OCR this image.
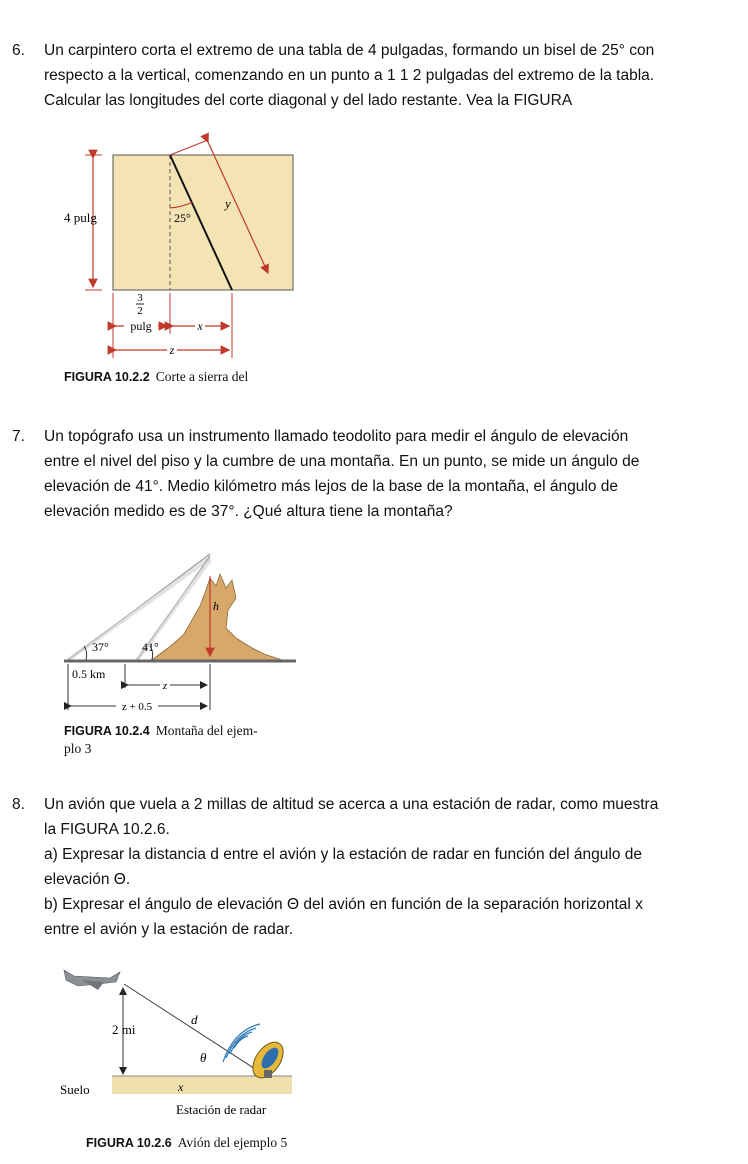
6. Un carpintero corta el extremo de una tabla de 4 pulgadas, formando un bisel de 25° con
respecto a la vertical, comenzando en un punto a 1 1 2 pulgadas del extremo de la tabla.
Calcular las longitudes del corte diagonal y del lado restante. Vea la FIGURA
4 pulg	25°
y
3
2
pulg	x
z
FIGURA 10.2.2 Corte a sierra del
7. Un topógrafo usa un instrumento llamado teodolito para medir el ángulo de elevación
entre el nivel del piso y la cumbre de una montaña. En un punto, se mide un ángulo de
elevación de 41°. Medio kilómetro más lejos de la base de la montaña, el ángulo de
elevación medido es de 37°. ¿Qué altura tiene la montaña?
h
37°	41°
0.5 km
z
z + 0.5
FIGURA 10.2.4 Montaña del ejem-
plo 3
8. Un avión que vuela a 2 millas de altitud se acerca a una estación de radar, como muestra
la FIGURA 10.2.6.
a) Expresar la distancia d entre el avión y la estación de radar en función del ángulo de
elevación Θ.
b) Expresar el ángulo de elevación Θ del avión en función de la separación horizontal x
entre el avión y la estación de radar.
2 mi
d
θ
x
Suelo
Estación de radar
FIGURA 10.2.6 Avión del ejemplo 5
